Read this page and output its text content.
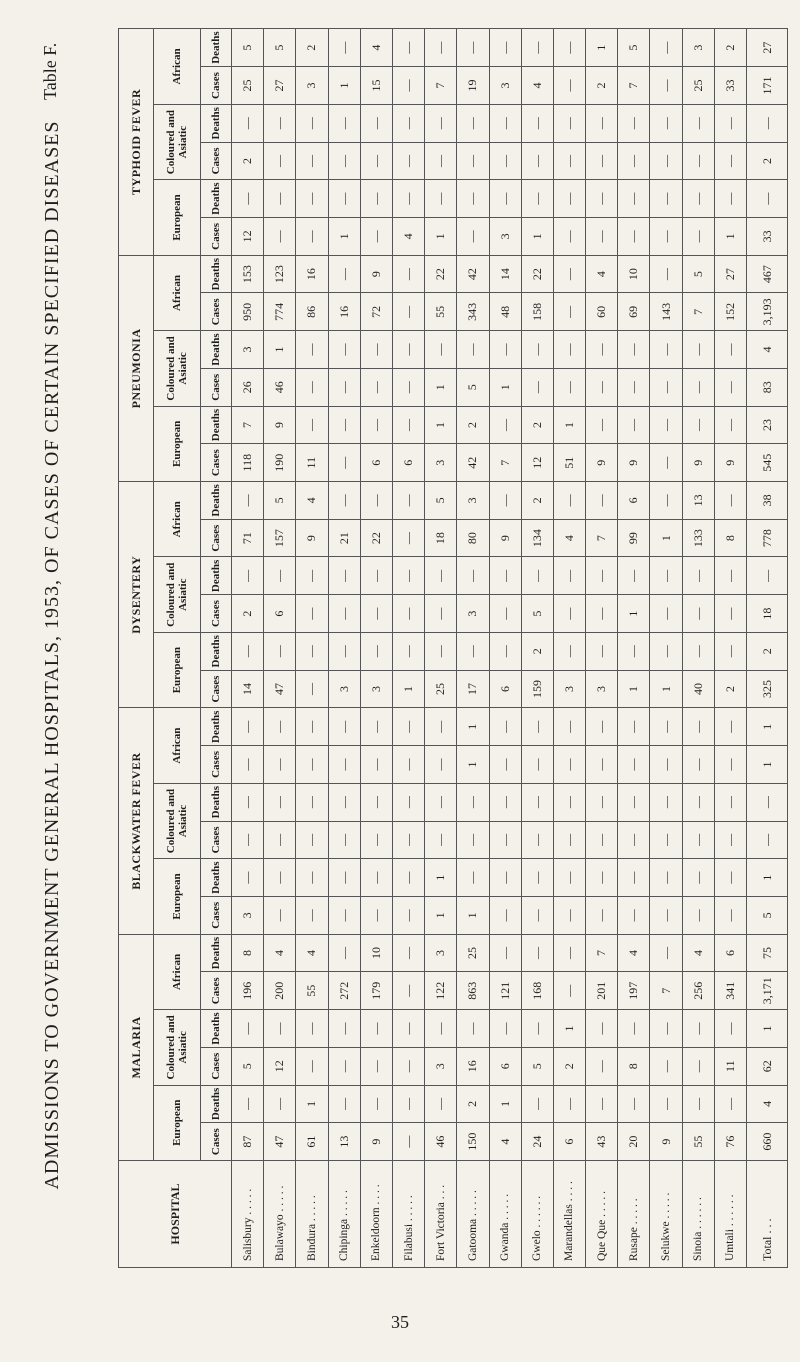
ADMISSIONS TO GOVERNMENT GENERAL HOSPITALS, 1953, OF CASES OF CERTAIN SPECIFIED DISEASES
Table F.
HOSPITAL	MALARIA						BLACKWATER FEVER						DYSENTERY						PNEUMONIA						TYPHOID FEVER					
	European		Coloured and Asiatic		African		European		Coloured and Asiatic		African		European		Coloured and Asiatic		African		European		Coloured and Asiatic		African		European		Coloured and Asiatic		African	
	Cases	Deaths	Cases	Deaths	Cases	Deaths	Cases	Deaths	Cases	Deaths	Cases	Deaths	Cases	Deaths	Cases	Deaths	Cases	Deaths	Cases	Deaths	Cases	Deaths	Cases	Deaths	Cases	Deaths	Cases	Deaths	Cases	Deaths
Salisbury . . . . .	87	—	5	—	196	8	3	—	—	—	—	—	14	—	2	—	71	—	118	7	26	3	950	153	12	—	2	—	25	5
Bulawayo . . . . .	47	—	12	—	200	4	—	—	—	—	—	—	47	—	6	—	157	5	190	9	46	1	774	123	—	—	—	—	27	5
Bindura . . . . .	61	1	—	—	55	4	—	—	—	—	—	—	—	—	—	—	9	4	11	—	—	—	86	16	—	—	—	—	3	2
Chipinga . . . . .	13	—	—	—	272	—	—	—	—	—	—	—	3	—	—	—	21	—	—	—	—	—	16	—	1	—	—	—	1	—
Enkeldoorn . . . .	9	—	—	—	179	10	—	—	—	—	—	—	3	—	—	—	22	—	6	—	—	—	72	9	—	—	—	—	15	4
Filabusi . . . . .	—	—	—	—	—	—	—	—	—	—	—	—	1	—	—	—	—	—	6	—	—	—	—	—	4	—	—	—	—	—
Fort Victoria . . .	46	—	3	—	122	3	1	1	—	—	—	—	25	—	—	—	18	5	3	1	1	—	55	22	1	—	—	—	7	—
Gatooma . . . . .	150	2	16	—	863	25	1	—	—	—	1	1	17	—	3	—	80	3	42	2	5	—	343	42	—	—	—	—	19	—
Gwanda . . . . .	4	1	6	—	121	—	—	—	—	—	—	—	6	—	—	—	9	—	7	—	1	—	48	14	3	—	—	—	3	—
Gwelo . . . . . .	24	—	5	—	168	—	—	—	—	—	—	—	159	2	5	—	134	2	12	2	—	—	158	22	1	—	—	—	4	—
Marandellas . . . .	6	—	2	1	—	—	—	—	—	—	—	—	3	—	—	—	4	—	51	1	—	—	—	—	—	—	—	—	—	—
Que Que . . . . .	43	—	—	—	201	7	—	—	—	—	—	—	3	—	—	—	7	—	9	—	—	—	60	4	—	—	—	—	2	1
Rusape . . . . .	20	—	8	—	197	4	—	—	—	—	—	—	1	—	1	—	99	6	9	—	—	—	69	10	—	—	—	—	7	5
Selukwe . . . . .	9	—	—	—	7	—	—	—	—	—	—	—	1	—	—	—	1	—	—	—	—	—	143	—	—	—	—	—	—	—
Sinoia . . . . . .	55	—	—	—	256	4	—	—	—	—	—	—	40	—	—	—	133	13	9	—	—	—	7	5	—	—	—	—	25	3
Umtali . . . . . .	76	—	11	—	341	6	—	—	—	—	—	—	2	—	—	—	8	—	9	—	—	—	152	27	1	—	—	—	33	2
Total . . .	660	4	62	1	3,171	75	5	1	—	—	1	1	325	2	18	—	778	38	545	23	83	4	3,193	467	33	—	2	—	171	27
35
